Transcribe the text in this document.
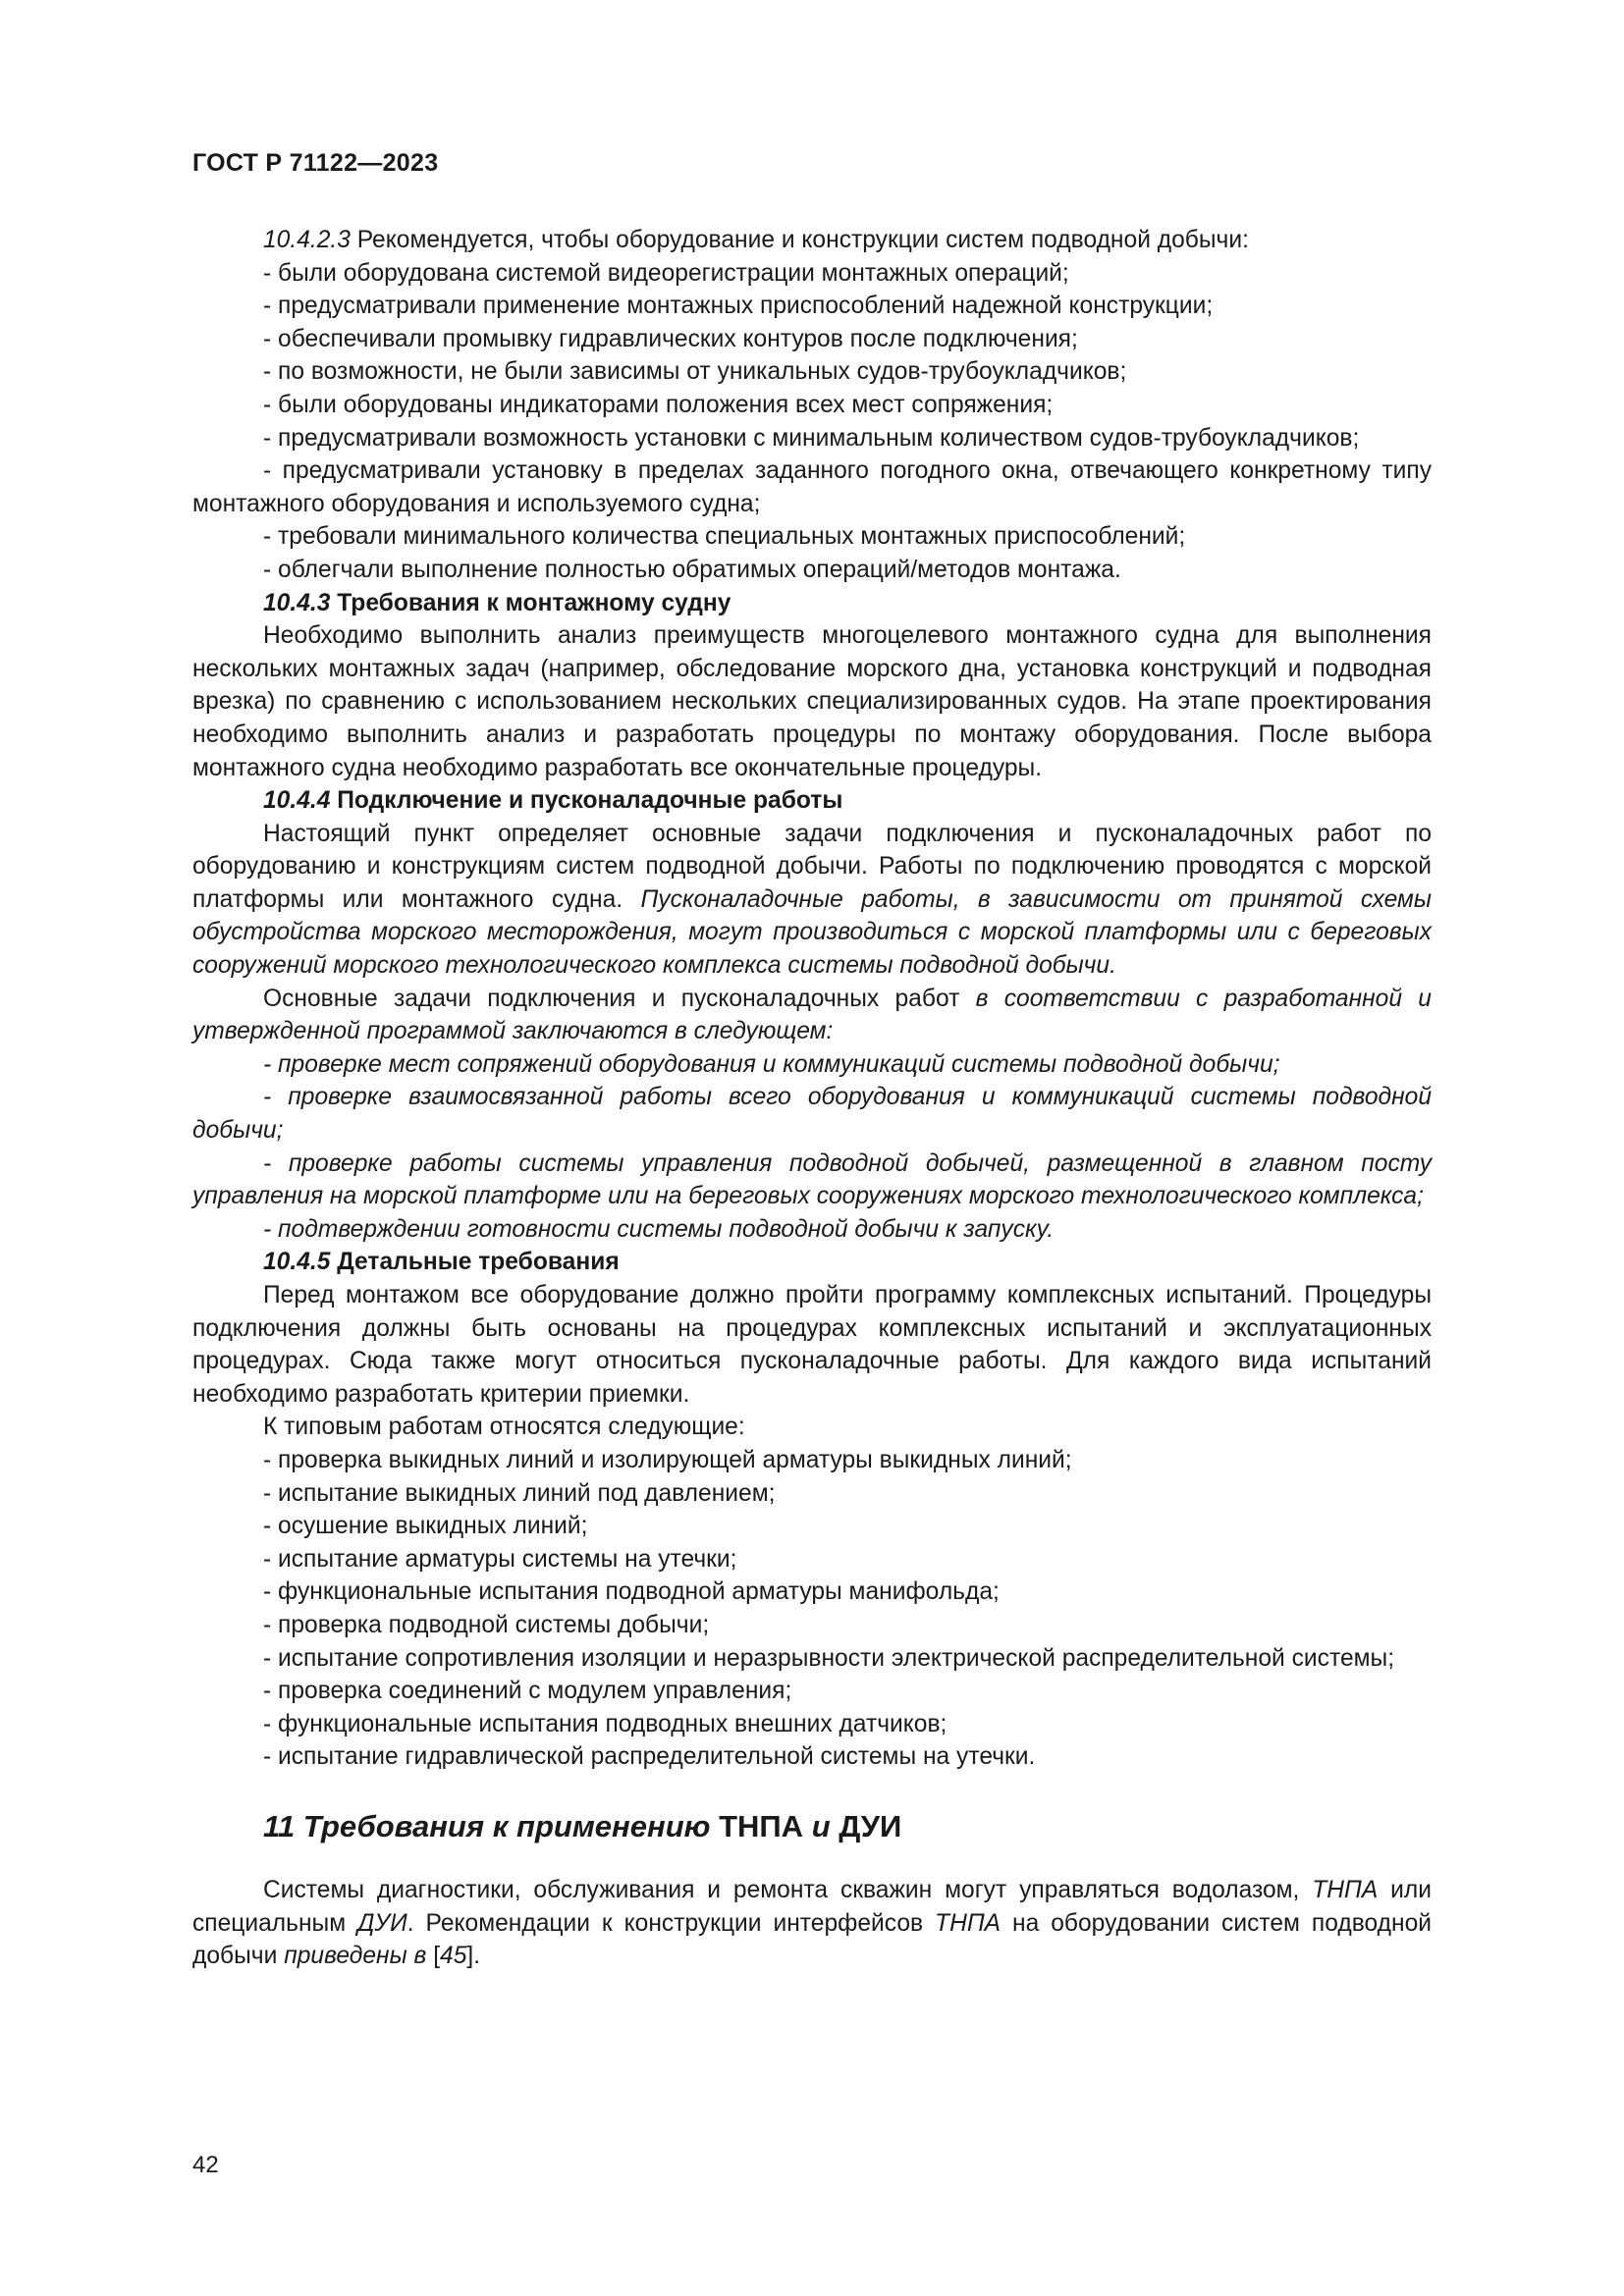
ГОСТ Р 71122—2023

10.4.2.3 Рекомендуется, чтобы оборудование и конструкции систем подводной добычи:

- были оборудована системой видеорегистрации монтажных операций;

- предусматривали применение монтажных приспособлений надежной конструкции;

- обеспечивали промывку гидравлических контуров после подключения;

- по возможности, не были зависимы от уникальных судов-трубоукладчиков;

- были оборудованы индикаторами положения всех мест сопряжения;

- предусматривали возможность установки с минимальным количеством судов-трубоукладчиков;

- предусматривали установку в пределах заданного погодного окна, отвечающего конкретному типу монтажного оборудования и используемого судна;

- требовали минимального количества специальных монтажных приспособлений;

- облегчали выполнение полностью обратимых операций/методов монтажа.

10.4.3 Требования к монтажному судну

Необходимо выполнить анализ преимуществ многоцелевого монтажного судна для выполнения нескольких монтажных задач (например, обследование морского дна, установка конструкций и подводная врезка) по сравнению с использованием нескольких специализированных судов. На этапе проектирования необходимо выполнить анализ и разработать процедуры по монтажу оборудования. После выбора монтажного судна необходимо разработать все окончательные процедуры.

10.4.4 Подключение и пусконаладочные работы

Настоящий пункт определяет основные задачи подключения и пусконаладочных работ по оборудованию и конструкциям систем подводной добычи. Работы по подключению проводятся с морской платформы или монтажного судна. Пусконаладочные работы, в зависимости от принятой схемы обустройства морского месторождения, могут производиться с морской платформы или с береговых сооружений морского технологического комплекса системы подводной добычи.

Основные задачи подключения и пусконаладочных работ в соответствии с разработанной и утвержденной программой заключаются в следующем:

- проверке мест сопряжений оборудования и коммуникаций системы подводной добычи;

- проверке взаимосвязанной работы всего оборудования и коммуникаций системы подводной добычи;

- проверке работы системы управления подводной добычей, размещенной в главном посту управления на морской платформе или на береговых сооружениях морского технологического комплекса;

- подтверждении готовности системы подводной добычи к запуску.

10.4.5 Детальные требования

Перед монтажом все оборудование должно пройти программу комплексных испытаний. Процедуры подключения должны быть основаны на процедурах комплексных испытаний и эксплуатационных процедурах. Сюда также могут относиться пусконаладочные работы. Для каждого вида испытаний необходимо разработать критерии приемки.

К типовым работам относятся следующие:

- проверка выкидных линий и изолирующей арматуры выкидных линий;

- испытание выкидных линий под давлением;

- осушение выкидных линий;

- испытание арматуры системы на утечки;

- функциональные испытания подводной арматуры манифольда;

- проверка подводной системы добычи;

- испытание сопротивления изоляции и неразрывности электрической распределительной системы;

- проверка соединений с модулем управления;

- функциональные испытания подводных внешних датчиков;

- испытание гидравлической распределительной системы на утечки.

11 Требования к применению ТНПА и ДУИ

Системы диагностики, обслуживания и ремонта скважин могут управляться водолазом, ТНПА или специальным ДУИ. Рекомендации к конструкции интерфейсов ТНПА на оборудовании систем подводной добычи приведены в [45].

42
